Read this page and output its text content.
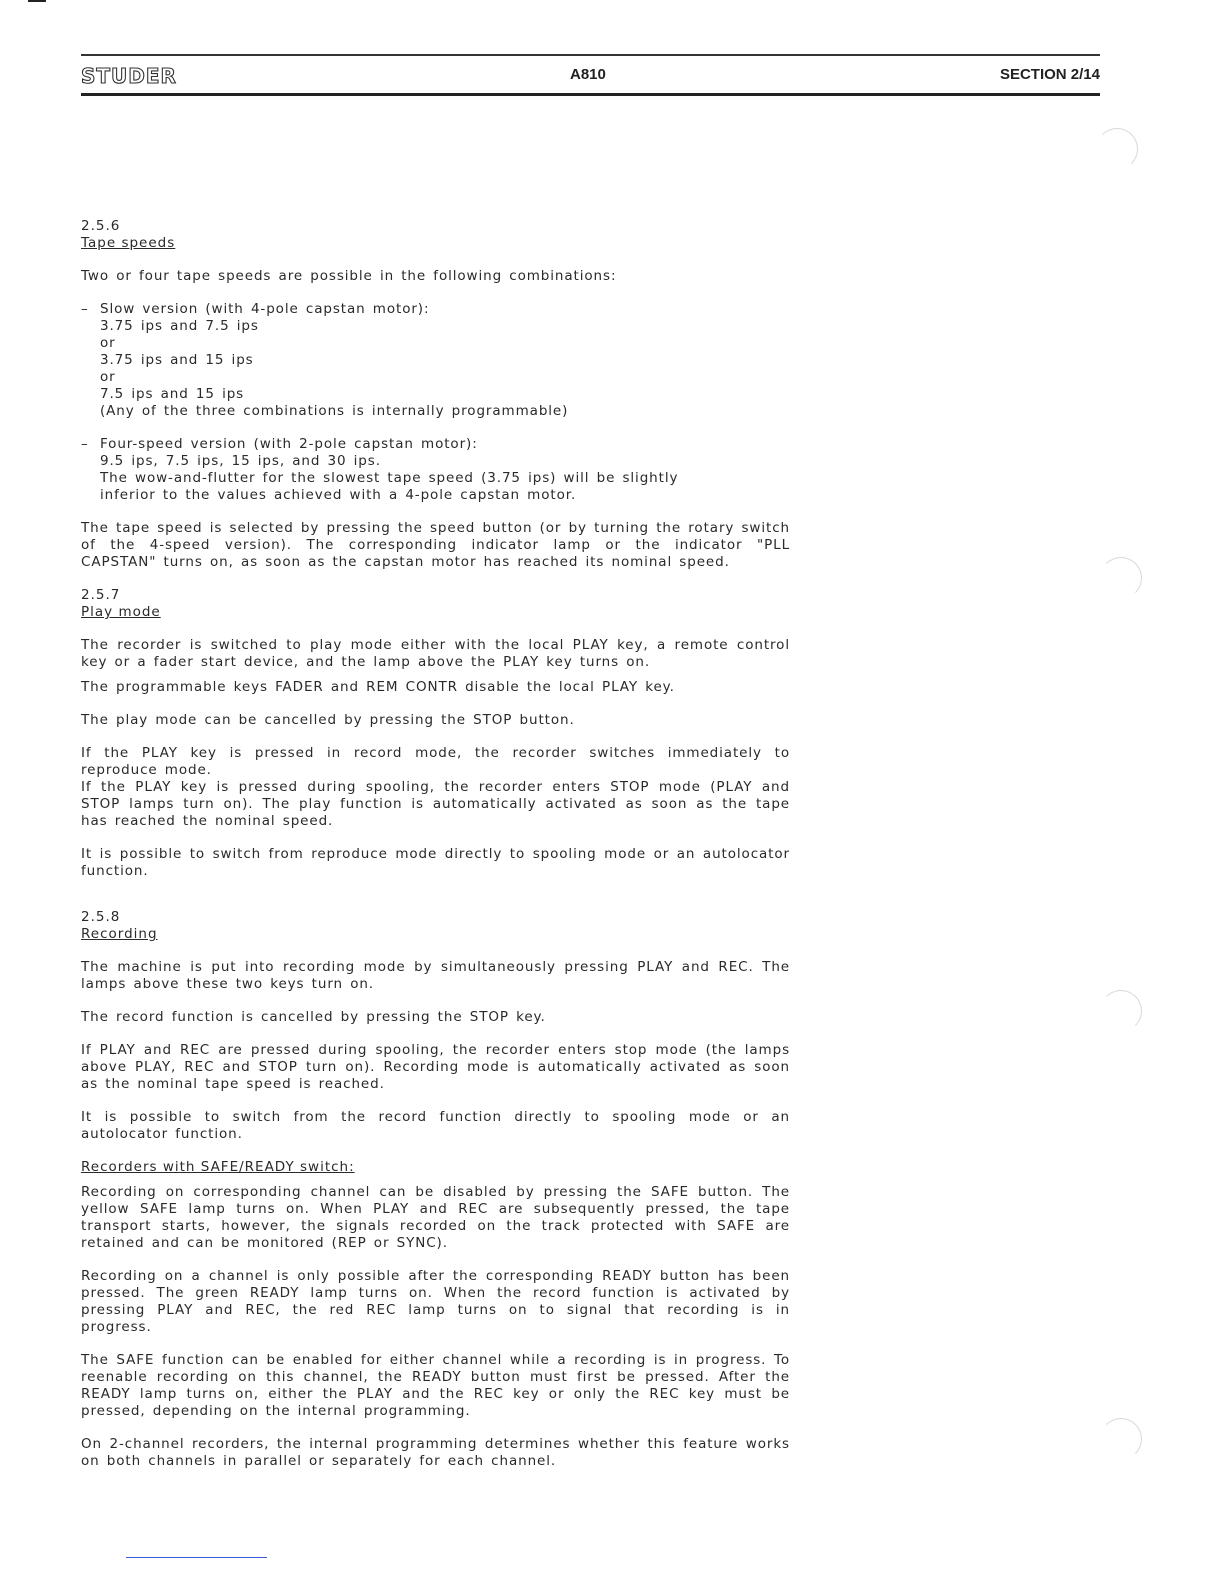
STUDER	A810	SECTION 2/14

2.5.6

Tape speeds

Two or four tape speeds are possible in the following combinations:

– Slow version (with 4-pole capstan motor):
3.75 ips and 7.5 ips
or
3.75 ips and 15 ips
or
7.5 ips and 15 ips
(Any of the three combinations is internally programmable)
– Four-speed version (with 2-pole capstan motor):
9.5 ips, 7.5 ips, 15 ips, and 30 ips.
The wow-and-flutter for the slowest tape speed (3.75 ips) will be slightly
inferior to the values achieved with a 4-pole capstan motor.

The tape speed is selected by pressing the speed button (or by turning the rotary switch of the 4-speed version). The corresponding indicator lamp or the indicator "PLL CAPSTAN" turns on, as soon as the capstan motor has reached its nominal speed.

2.5.7

Play mode

The recorder is switched to play mode either with the local PLAY key, a remote control key or a fader start device, and the lamp above the PLAY key turns on.

The programmable keys FADER and REM CONTR disable the local PLAY key.

The play mode can be cancelled by pressing the STOP button.

If the PLAY key is pressed in record mode, the recorder switches immediately to reproduce mode.

If the PLAY key is pressed during spooling, the recorder enters STOP mode (PLAY and STOP lamps turn on). The play function is automatically activated as soon as the tape has reached the nominal speed.

It is possible to switch from reproduce mode directly to spooling mode or an autolocator function.

2.5.8

Recording

The machine is put into recording mode by simultaneously pressing PLAY and REC. The lamps above these two keys turn on.

The record function is cancelled by pressing the STOP key.

If PLAY and REC are pressed during spooling, the recorder enters stop mode (the lamps above PLAY, REC and STOP turn on). Recording mode is automatically activated as soon as the nominal tape speed is reached.

It is possible to switch from the record function directly to spooling mode or an autolocator function.

Recorders with SAFE/READY switch:

Recording on corresponding channel can be disabled by pressing the SAFE button. The yellow SAFE lamp turns on. When PLAY and REC are subsequently pressed, the tape transport starts, however, the signals recorded on the track protected with SAFE are retained and can be monitored (REP or SYNC).

Recording on a channel is only possible after the corresponding READY button has been pressed. The green READY lamp turns on. When the record function is activated by pressing PLAY and REC, the red REC lamp turns on to signal that recording is in progress.

The SAFE function can be enabled for either channel while a recording is in progress. To reenable recording on this channel, the READY button must first be pressed. After the READY lamp turns on, either the PLAY and the REC key or only the REC key must be pressed, depending on the internal programming.

On 2-channel recorders, the internal programming determines whether this feature works on both channels in parallel or separately for each channel.
